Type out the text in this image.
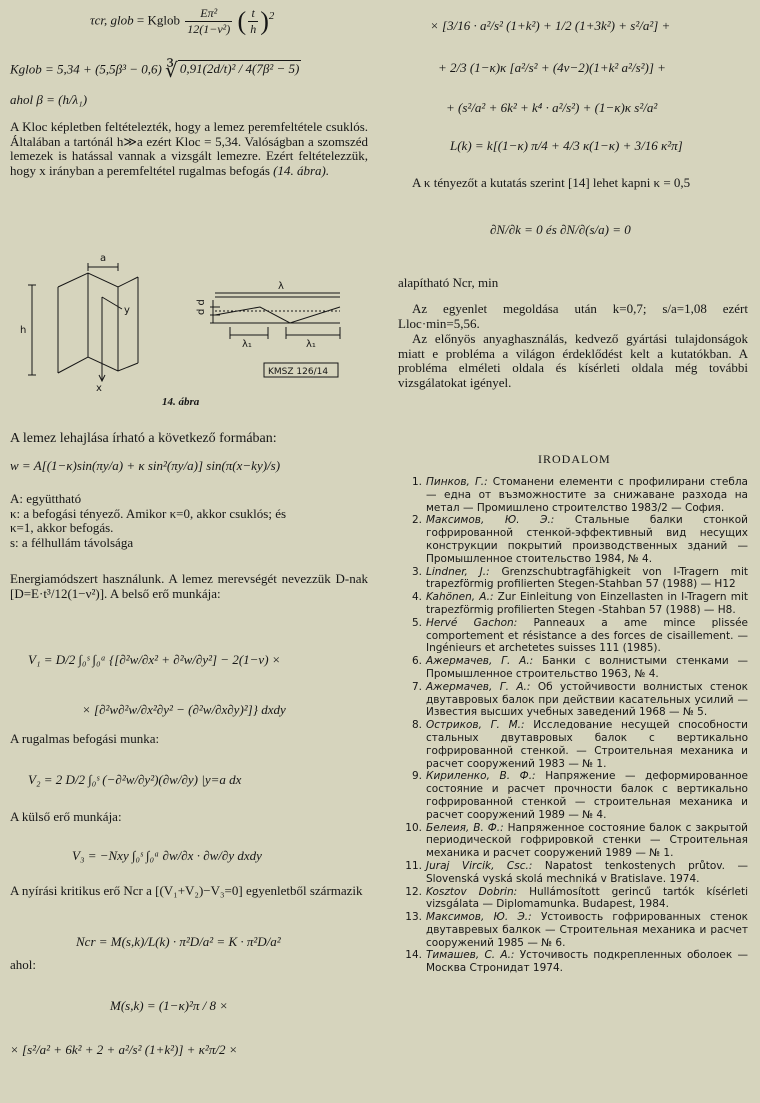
τcr, glob = Kglob $\frac{\text{Eπ²}}{\text{12(1−ν²)}}$ ( $\frac{t}{h} )^2$
Kglob = 5,34 + (5,5β³ − 0,6) ∛ 0,91(2d/t)² / 4(7β² − 5)
ahol β = (h/λ₁)
A Kloc képletben feltételezték, hogy a lemez peremfeltétele csuklós. Általában a tartónál h≫a ezért Kloc = 5,34. Valóságban a szomszéd lemezek is hatással vannak a vizsgált lemezre. Ezért feltételezzük, hogy x irányban a peremfeltétel rugalmas befogás (14. ábra).
a
h
x
y	d d
λ
λ₁	λ₁
KMSZ 126/14
14. ábra
A lemez lehajlása írható a következő formában:
w = A[(1−κ)sin(πy/a) + κ sin²(πy/a)] sin(π(x−ky)/s)
A: együttható
κ: a befogási tényező. Amikor κ=0, akkor csuklós; és
κ=1, akkor befogás.
s: a félhullám távolsága
Energiamódszert használunk. A lemez merevségét nevezzük D-nak [D=E·t³/12(1−ν²)]. A belső erő munkája:
V₁ = D/2 ∫₀ˢ ∫₀ᵃ {[∂²w/∂x² + ∂²w/∂y²] − 2(1−ν) ×
× [∂²w∂²w/∂x²∂y² − (∂²w/∂x∂y)²]} dxdy
A rugalmas befogási munka:
V₂ = 2 D/2 ∫₀ˢ (−∂²w/∂y²)(∂w/∂y) |y=a dx
A külső erő munkája:
V₃ = −Nxy ∫₀ˢ ∫₀ᵃ ∂w/∂x · ∂w/∂y dxdy
A nyírási kritikus erő Ncr a [(V₁+V₂)−V₃=0] egyenletből származik
Ncr = M(s,k)/L(k) · π²D/a² = K · π²D/a²
ahol:
M(s,k) = (1−κ)²π / 8 ×
× [s²/a² + 6k² + 2 + a²/s² (1+k²)] + κ²π/2 ×
× [3/16 · a²/s² (1+k²) + 1/2 (1+3k²) + s²/a²] +
+ 2/3 (1−κ)κ [a²/s² + (4ν−2)(1+k² a²/s²)] +
+ (s²/a² + 6k² + k⁴ · a²/s²) + (1−κ)κ s²/a²
L(k) = k[(1−κ) π/4 + 4/3 κ(1−κ) + 3/16 κ²π]
A κ tényezőt a kutatás szerint [14] lehet kapni κ = 0,5
∂N/∂k = 0 és ∂N/∂(s/a) = 0
alapítható Ncr, min
Az egyenlet megoldása után k=0,7; s/a=1,08 ezért Lloc·min=5,56.
Az előnyös anyaghasználás, kedvező gyártási tulajdonságok miatt e probléma a világon érdeklődést kelt a kutatókban. A probléma elméleti oldala és kísérleti oldala még további vizsgálatokat igényel.
IRODALOM
1. Пинков, Г.: Стоманени елементи с профилирани стебла — една от възможностите за снижаване разхода на метал — Промишлено строителство 1983/2 — София.
2. Максимов, Ю. Э.: Стальные балки стонкой гофрированной стенкой-эффективный вид несущих конструкции покрытий производственных зданий — Промышленное стоительство 1984, № 4.
3. Lindner, J.: Grenzschubtragfähigkeit von I-Tragern mit trapezförmig profilierten Stegen-Stahban 57 (1988) — H12
4. Kahönen, A.: Zur Einleitung von Einzellasten in I-Tragern mit trapezförmig profilierten Stegen -Stahban 57 (1988) — H8.
5. Hervé Gachon: Panneaux a ame mince plissée comportement et résistance a des forces de cisaillement. — Ingénieurs et archetetes suisses 111 (1985).
6. Ажермачев, Г. А.: Банки с волнистыми стенками — Промышленное строительство 1963, № 4.
7. Ажермачев, Г. А.: Об устойчивости волнистых стенок двутавровых балок при действии касательных усилий — Известия высших учебных заведений 1968 — № 5.
8. Остриков, Г. М.: Исследование несущей способности стальных двутавровых балок с вертикально гофрированной стенкой. — Строительная механика и расчет сооружений 1983 — № 1.
9. Кириленко, В. Ф.: Напряжение — деформированное состояние и расчет прочности балок с вертикально гофрированной стенкой — строительная механика и расчет сооружений 1989 — № 4.
10. Белеия, В. Ф.: Напряженное состояние балок с закрытой периодической гофрировкой стенки — Строительная механика и расчет сооружений 1989 — № 1.
11. Juraj Vircik, Csc.: Napatost tenkostenych průtov. — Slovenská vyská skolá mechniká v Bratislave. 1974.
12. Kosztov Dobrin: Hullámosított gerincű tartók kísérleti vizsgálata — Diplomamunka. Budapest, 1984.
13. Максимов, Ю. Э.: Устоивость гофрированных стенок двутавревых балкок — Строительная механика и расчет сооружений 1985 — № 6.
14. Тимашев, С. А.: Усточивость подкрепленных оболоек — Москва Стронидат 1974.
